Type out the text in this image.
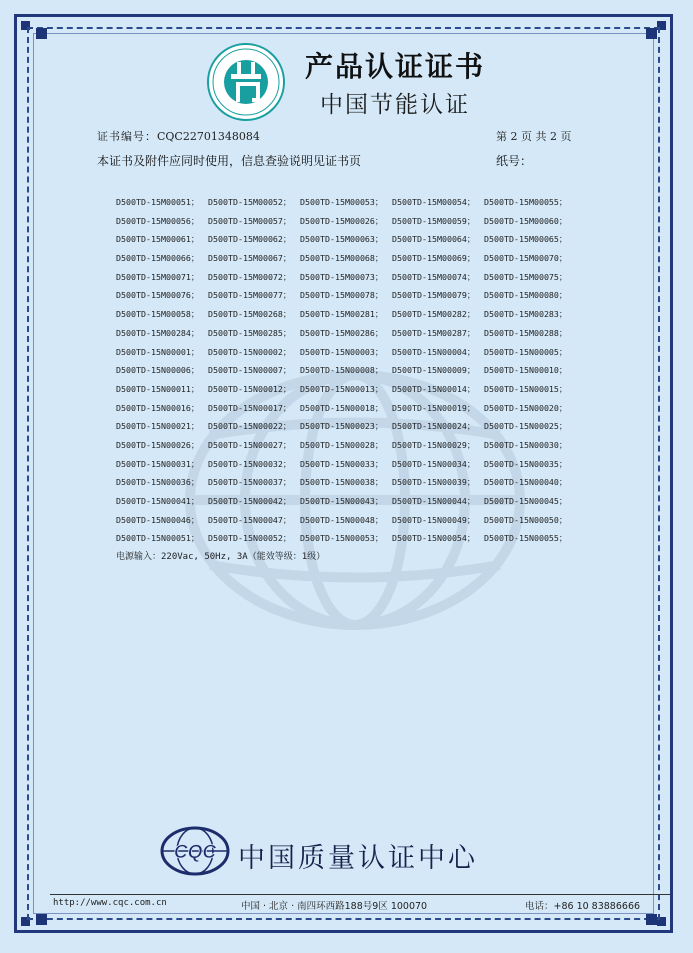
产品认证证书
中国节能认证
证书编号：CQC22701348084	第 2 页 共 2 页
本证书及附件应同时使用，信息查验说明见证书页	纸号：
D500TD-15M00051； D500TD-15M00052； D500TD-15M00053； D500TD-15M00054； D500TD-15M00055；
D500TD-15M00056； D500TD-15M00057； D500TD-15M00026； D500TD-15M00059； D500TD-15M00060；
D500TD-15M00061； D500TD-15M00062； D500TD-15M00063； D500TD-15M00064； D500TD-15M00065；
D500TD-15M00066； D500TD-15M00067； D500TD-15M00068； D500TD-15M00069； D500TD-15M00070；
D500TD-15M00071； D500TD-15M00072； D500TD-15M00073； D500TD-15M00074； D500TD-15M00075；
D500TD-15M00076； D500TD-15M00077； D500TD-15M00078； D500TD-15M00079； D500TD-15M00080；
D500TD-15M00058； D500TD-15M00268； D500TD-15M00281； D500TD-15M00282； D500TD-15M00283；
D500TD-15M00284； D500TD-15M00285； D500TD-15M00286； D500TD-15M00287； D500TD-15M00288；
D500TD-15N00001； D500TD-15N00002； D500TD-15N00003； D500TD-15N00004； D500TD-15N00005；
D500TD-15N00006； D500TD-15N00007； D500TD-15N00008； D500TD-15N00009； D500TD-15N00010；
D500TD-15N00011； D500TD-15N00012； D500TD-15N00013； D500TD-15N00014； D500TD-15N00015；
D500TD-15N00016； D500TD-15N00017； D500TD-15N00018； D500TD-15N00019； D500TD-15N00020；
D500TD-15N00021； D500TD-15N00022； D500TD-15N00023； D500TD-15N00024； D500TD-15N00025；
D500TD-15N00026； D500TD-15N00027； D500TD-15N00028； D500TD-15N00029； D500TD-15N00030；
D500TD-15N00031； D500TD-15N00032； D500TD-15N00033； D500TD-15N00034； D500TD-15N00035；
D500TD-15N00036； D500TD-15N00037； D500TD-15N00038； D500TD-15N00039； D500TD-15N00040；
D500TD-15N00041； D500TD-15N00042； D500TD-15N00043； D500TD-15N00044； D500TD-15N00045；
D500TD-15N00046； D500TD-15N00047； D500TD-15N00048； D500TD-15N00049； D500TD-15N00050；
D500TD-15N00051； D500TD-15N00052； D500TD-15N00053； D500TD-15N00054； D500TD-15N00055；
电源输入：220Vac, 50Hz, 3A（能效等级：1级）
CQC 中国质量认证中心
http://www.cqc.com.cn	中国 · 北京 · 南四环西路188号9区 100070	电话：+86 10 83886666
